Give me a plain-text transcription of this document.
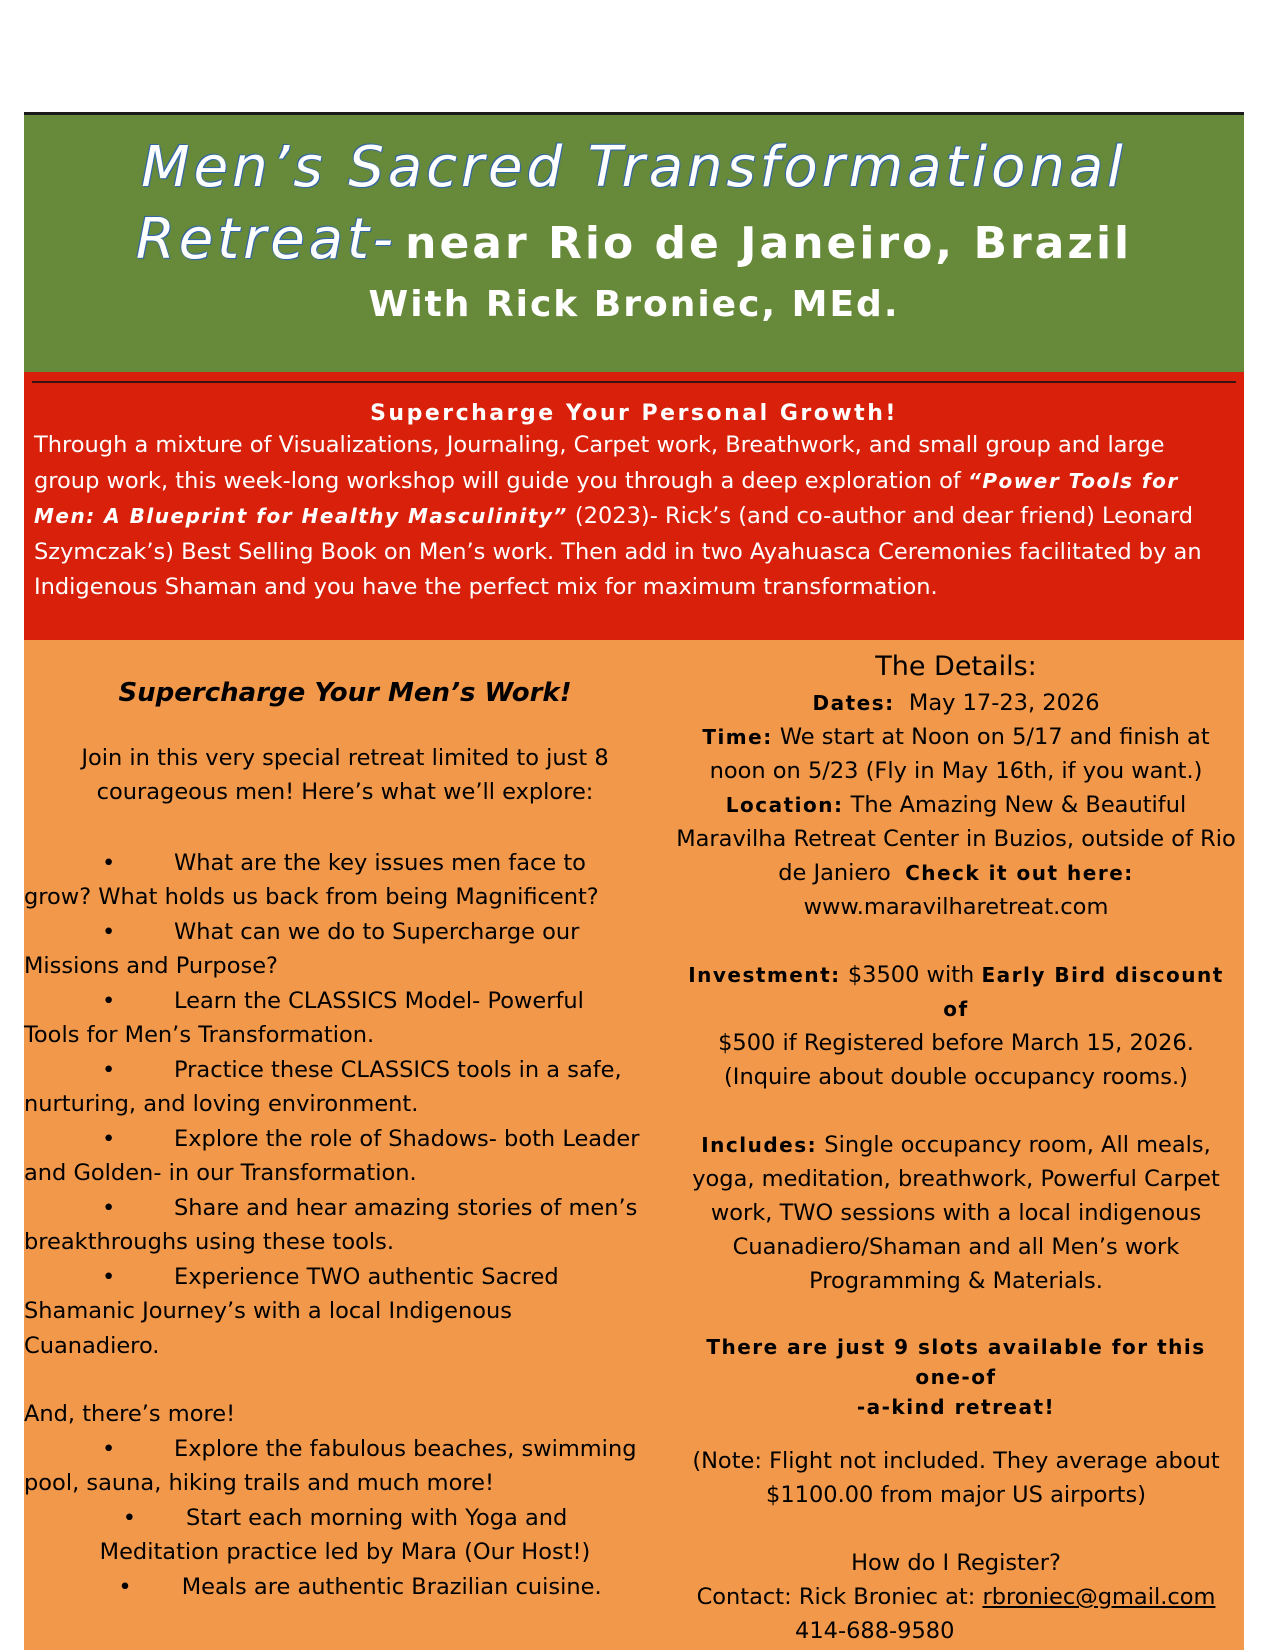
Men’s Sacred Transformational
Retreat- near Rio de Janeiro, Brazil
With Rick Broniec, MEd.
Supercharge Your Personal Growth!
Through a mixture of Visualizations, Journaling, Carpet work, Breathwork, and small group and large group work, this week-long workshop will guide you through a deep exploration of “Power Tools for Men: A Blueprint for Healthy Masculinity” (2023)- Rick’s (and co-author and dear friend) Leonard Szymczak’s) Best Selling Book on Men’s work. Then add in two Ayahuasca Ceremonies facilitated by an Indigenous Shaman and you have the perfect mix for maximum transformation.
Supercharge Your Men’s Work!
Join in this very special retreat limited to just 8 courageous men! Here’s what we’ll explore:
•	What are the key issues men face to
grow? What holds us back from being Magnificent?
•	What can we do to Supercharge our
Missions and Purpose?
•	Learn the CLASSICS Model- Powerful
Tools for Men’s Transformation.
•	Practice these CLASSICS tools in a safe,
nurturing, and loving environment.
•	Explore the role of Shadows- both Leader
and Golden- in our Transformation.
•	Share and hear amazing stories of men’s
breakthroughs using these tools.
•	Experience TWO authentic Sacred
Shamanic Journey’s with a local Indigenous Cuanadiero.
And, there’s more!
•	Explore the fabulous beaches, swimming
pool, sauna, hiking trails and much more!
• Start each morning with Yoga and
Meditation practice led by Mara (Our Host!)
• Meals are authentic Brazilian cuisine.
The Details:
Dates: May 17-23, 2026
Time: We start at Noon on 5/17 and finish at noon on 5/23 (Fly in May 16th, if you want.)
Location: The Amazing New & Beautiful Maravilha Retreat Center in Buzios, outside of Rio de Janiero Check it out here:
www.maravilharetreat.com
Investment: $3500 with Early Bird discount of
$500 if Registered before March 15, 2026.
(Inquire about double occupancy rooms.)
Includes: Single occupancy room, All meals, yoga, meditation, breathwork, Powerful Carpet work, TWO sessions with a local indigenous Cuanadiero/Shaman and all Men’s work Programming & Materials.
There are just 9 slots available for this one-of
-a-kind retreat!
(Note: Flight not included. They average about $1100.00 from major US airports)
How do I Register?
Contact: Rick Broniec at: rbroniec@gmail.com
414-688-9580
